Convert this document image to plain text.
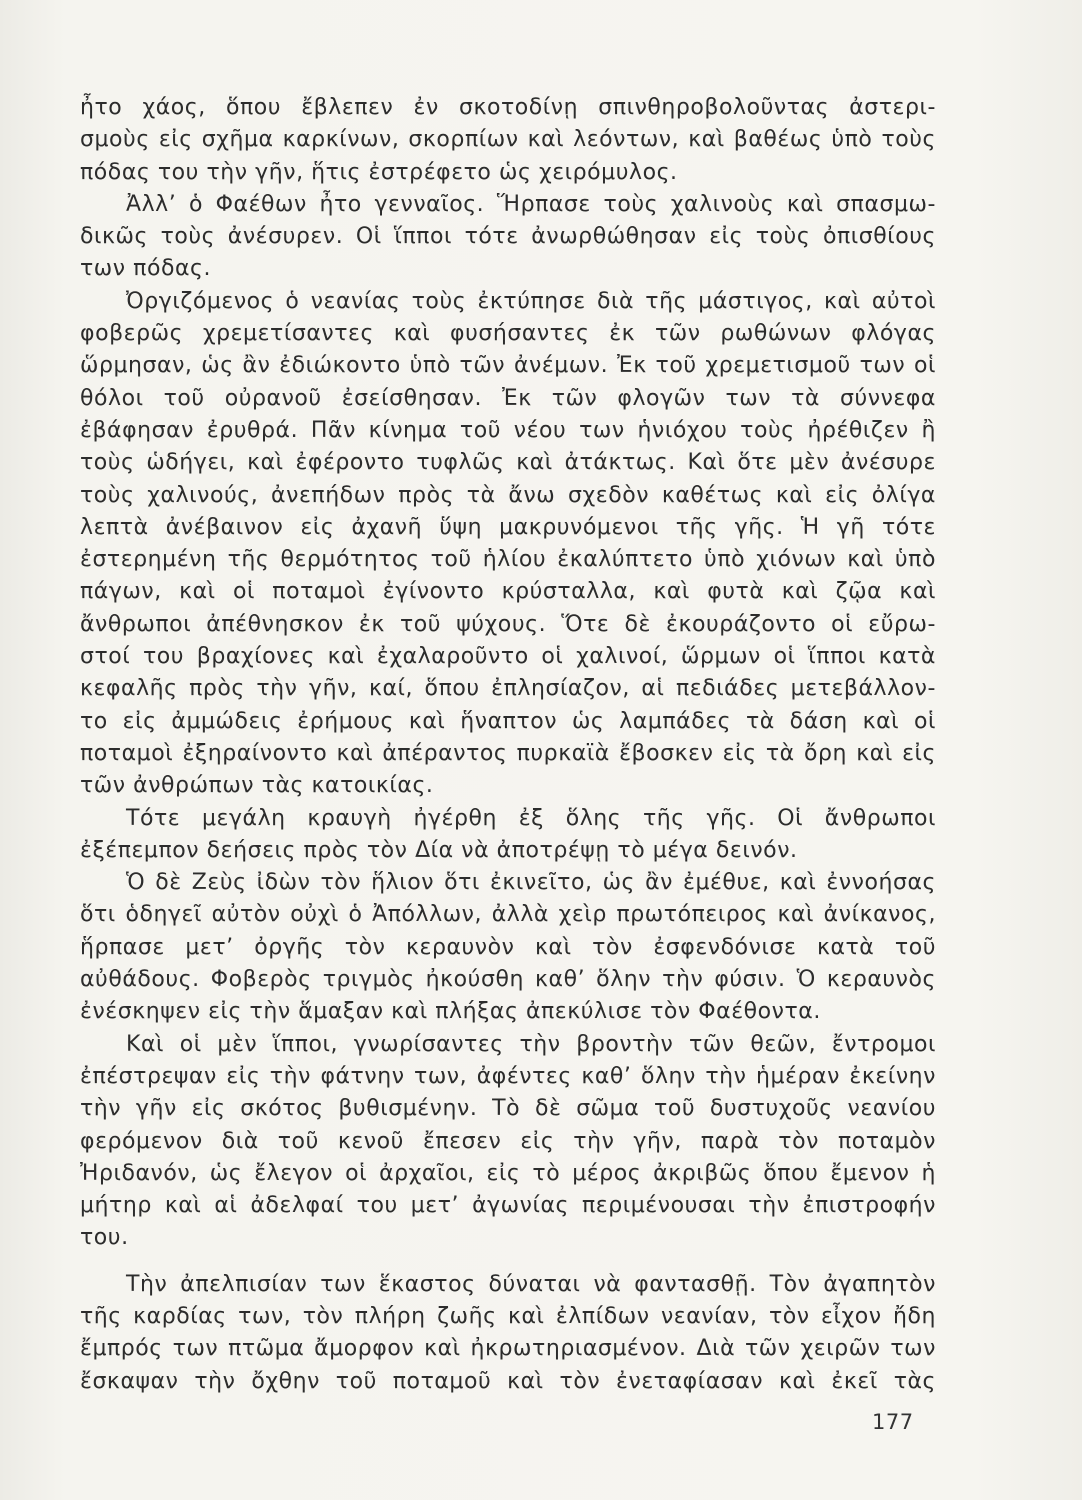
ἦτο χάος, ὅπου ἔβλεπεν ἐν σκοτοδίνῃ σπινθηροβολοῦντας ἀστερι-
σμοὺς εἰς σχῆμα καρκίνων, σκορπίων καὶ λεόντων, καὶ βαθέως ὑπὸ τοὺς
πόδας του τὴν γῆν, ἥτις ἐστρέφετο ὡς χειρόμυλος.
Ἀλλ’ ὁ Φαέθων ἦτο γενναῖος. Ἥρπασε τοὺς χαλινοὺς καὶ σπασμω-
δικῶς τοὺς ἀνέσυρεν. Οἱ ἵπποι τότε ἀνωρθώθησαν εἰς τοὺς ὀπισθίους
των πόδας.
Ὀργιζόμενος ὁ νεανίας τοὺς ἐκτύπησε διὰ τῆς μάστιγος, καὶ αὐτοὶ
φοβερῶς χρεμετίσαντες καὶ φυσήσαντες ἐκ τῶν ρωθώνων φλόγας
ὥρμησαν, ὡς ἂν ἐδιώκοντο ὑπὸ τῶν ἀνέμων. Ἐκ τοῦ χρεμετισμοῦ των οἱ
θόλοι τοῦ οὐρανοῦ ἐσείσθησαν. Ἐκ τῶν φλογῶν των τὰ σύννεφα
ἐβάφησαν ἐρυθρά. Πᾶν κίνημα τοῦ νέου των ἡνιόχου τοὺς ἠρέθιζεν ἢ
τοὺς ὡδήγει, καὶ ἐφέροντο τυφλῶς καὶ ἀτάκτως. Καὶ ὅτε μὲν ἀνέσυρε
τοὺς χαλινούς, ἀνεπήδων πρὸς τὰ ἄνω σχεδὸν καθέτως καὶ εἰς ὀλίγα
λεπτὰ ἀνέβαινον εἰς ἀχανῆ ὕψη μακρυνόμενοι τῆς γῆς. Ἡ γῆ τότε
ἐστερημένη τῆς θερμότητος τοῦ ἡλίου ἐκαλύπτετο ὑπὸ χιόνων καὶ ὑπὸ
πάγων, καὶ οἱ ποταμοὶ ἐγίνοντο κρύσταλλα, καὶ φυτὰ καὶ ζῷα καὶ
ἄνθρωποι ἀπέθνησκον ἐκ τοῦ ψύχους. Ὅτε δὲ ἐκουράζοντο οἱ εὔρω-
στοί του βραχίονες καὶ ἐχαλαροῦντο οἱ χαλινοί, ὥρμων οἱ ἵπποι κατὰ
κεφαλῆς πρὸς τὴν γῆν, καί, ὅπου ἐπλησίαζον, αἱ πεδιάδες μετεβάλλον-
το εἰς ἀμμώδεις ἐρήμους καὶ ἥναπτον ὡς λαμπάδες τὰ δάση καὶ οἱ
ποταμοὶ ἐξηραίνοντο καὶ ἀπέραντος πυρκαϊὰ ἔβοσκεν εἰς τὰ ὄρη καὶ εἰς
τῶν ἀνθρώπων τὰς κατοικίας.
Τότε μεγάλη κραυγὴ ἠγέρθη ἐξ ὅλης τῆς γῆς. Οἱ ἄνθρωποι
ἐξέπεμπον δεήσεις πρὸς τὸν Δία νὰ ἀποτρέψῃ τὸ μέγα δεινόν.
Ὁ δὲ Ζεὺς ἰδὼν τὸν ἥλιον ὅτι ἐκινεῖτο, ὡς ἂν ἐμέθυε, καὶ ἐννοήσας
ὅτι ὁδηγεῖ αὐτὸν οὐχὶ ὁ Ἀπόλλων, ἀλλὰ χεὶρ πρωτόπειρος καὶ ἀνίκανος,
ἥρπασε μετ’ ὀργῆς τὸν κεραυνὸν καὶ τὸν ἐσφενδόνισε κατὰ τοῦ
αὐθάδους. Φοβερὸς τριγμὸς ἠκούσθη καθ’ ὅλην τὴν φύσιν. Ὁ κεραυνὸς
ἐνέσκηψεν εἰς τὴν ἅμαξαν καὶ πλήξας ἀπεκύλισε τὸν Φαέθοντα.
Καὶ οἱ μὲν ἵπποι, γνωρίσαντες τὴν βροντὴν τῶν θεῶν, ἔντρομοι
ἐπέστρεψαν εἰς τὴν φάτνην των, ἀφέντες καθ’ ὅλην τὴν ἡμέραν ἐκείνην
τὴν γῆν εἰς σκότος βυθισμένην. Τὸ δὲ σῶμα τοῦ δυστυχοῦς νεανίου
φερόμενον διὰ τοῦ κενοῦ ἔπεσεν εἰς τὴν γῆν, παρὰ τὸν ποταμὸν
Ἠριδανόν, ὡς ἔλεγον οἱ ἀρχαῖοι, εἰς τὸ μέρος ἀκριβῶς ὅπου ἔμενον ἡ
μήτηρ καὶ αἱ ἀδελφαί του μετ’ ἀγωνίας περιμένουσαι τὴν ἐπιστροφήν
του.
Τὴν ἀπελπισίαν των ἕκαστος δύναται νὰ φαντασθῇ. Τὸν ἀγαπητὸν
τῆς καρδίας των, τὸν πλήρη ζωῆς καὶ ἐλπίδων νεανίαν, τὸν εἶχον ἤδη
ἔμπρός των πτῶμα ἄμορφον καὶ ἠκρωτηριασμένον. Διὰ τῶν χειρῶν των
ἔσκαψαν τὴν ὄχθην τοῦ ποταμοῦ καὶ τὸν ἐνεταφίασαν καὶ ἐκεῖ τὰς
177
